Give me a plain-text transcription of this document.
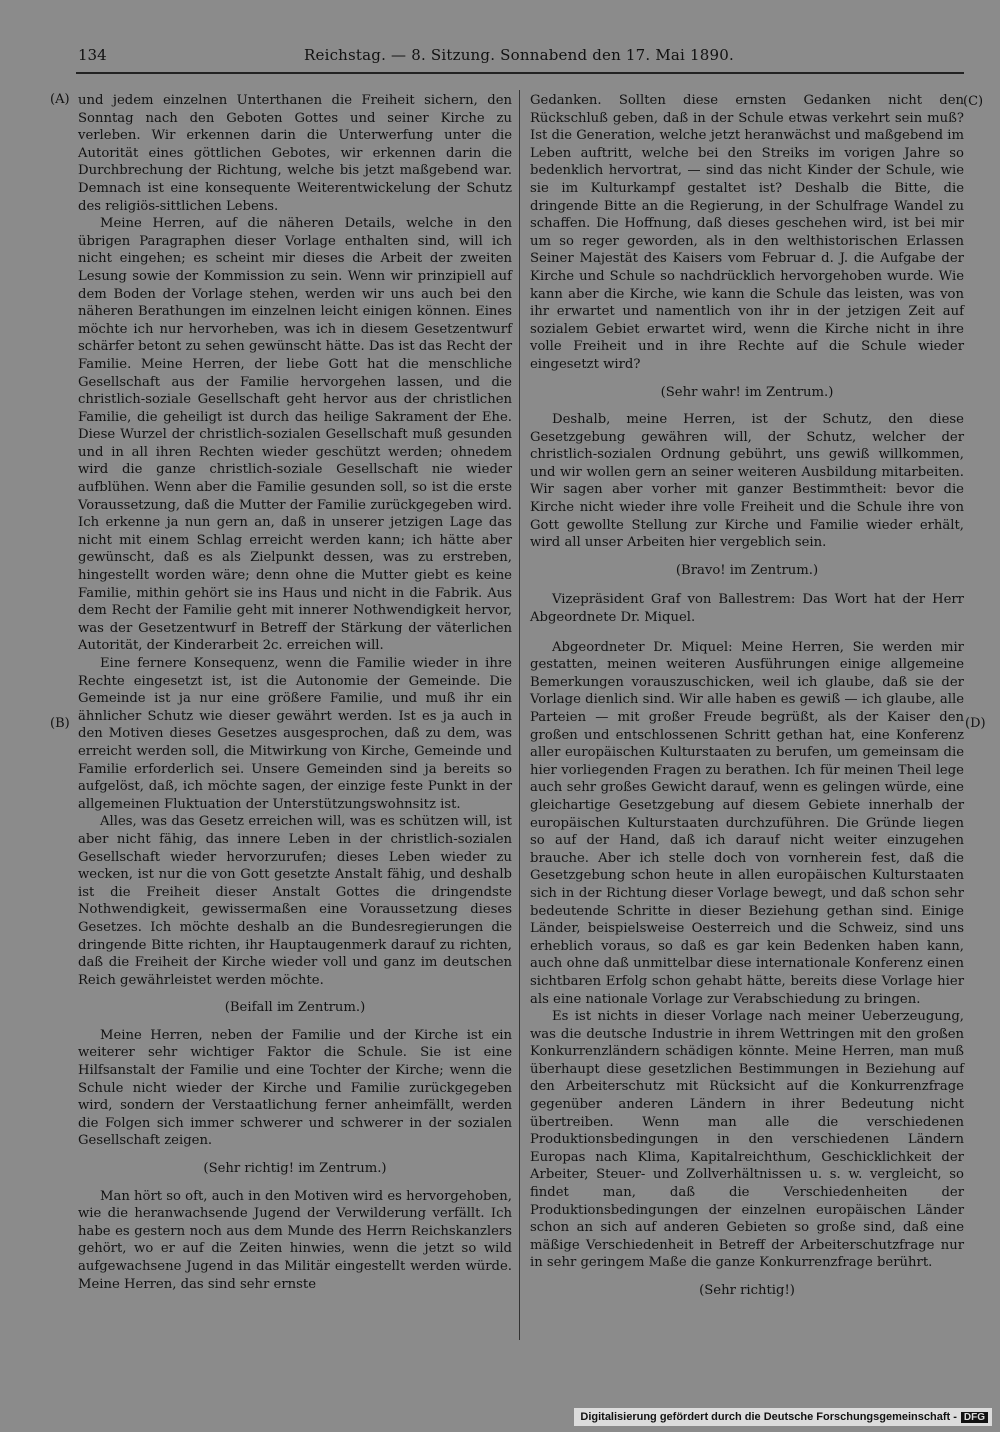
134	Reichstag. — 8. Sitzung. Sonnabend den 17. Mai 1890.
(A)
(B)
(C)
(D)

und jedem einzelnen Unterthanen die Freiheit sichern, den Sonntag nach den Geboten Gottes und seiner Kirche zu verleben. Wir erkennen darin die Unterwerfung unter die Autorität eines göttlichen Gebotes, wir erkennen darin die Durchbrechung der Richtung, welche bis jetzt maßgebend war. Demnach ist eine konsequente Weiterentwickelung der Schutz des religiös-sittlichen Lebens.

Meine Herren, auf die näheren Details, welche in den übrigen Paragraphen dieser Vorlage enthalten sind, will ich nicht eingehen; es scheint mir dieses die Arbeit der zweiten Lesung sowie der Kommission zu sein. Wenn wir prinzipiell auf dem Boden der Vorlage stehen, werden wir uns auch bei den näheren Berathungen im einzelnen leicht einigen können. Eines möchte ich nur hervorheben, was ich in diesem Gesetzentwurf schärfer betont zu sehen gewünscht hätte. Das ist das Recht der Familie. Meine Herren, der liebe Gott hat die menschliche Gesellschaft aus der Familie hervorgehen lassen, und die christlich-soziale Gesellschaft geht hervor aus der christlichen Familie, die geheiligt ist durch das heilige Sakrament der Ehe. Diese Wurzel der christlich-sozialen Gesellschaft muß gesunden und in all ihren Rechten wieder geschützt werden; ohnedem wird die ganze christlich-soziale Gesellschaft nie wieder aufblühen. Wenn aber die Familie gesunden soll, so ist die erste Voraussetzung, daß die Mutter der Familie zurückgegeben wird. Ich erkenne ja nun gern an, daß in unserer jetzigen Lage das nicht mit einem Schlag erreicht werden kann; ich hätte aber gewünscht, daß es als Zielpunkt dessen, was zu erstreben, hingestellt worden wäre; denn ohne die Mutter giebt es keine Familie, mithin gehört sie ins Haus und nicht in die Fabrik. Aus dem Recht der Familie geht mit innerer Nothwendigkeit hervor, was der Gesetzentwurf in Betreff der Stärkung der väterlichen Autorität, der Kinderarbeit 2c. erreichen will.

Eine fernere Konsequenz, wenn die Familie wieder in ihre Rechte eingesetzt ist, ist die Autonomie der Gemeinde. Die Gemeinde ist ja nur eine größere Familie, und muß ihr ein ähnlicher Schutz wie dieser gewährt werden. Ist es ja auch in den Motiven dieses Gesetzes ausgesprochen, daß zu dem, was erreicht werden soll, die Mitwirkung von Kirche, Gemeinde und Familie erforderlich sei. Unsere Gemeinden sind ja bereits so aufgelöst, daß, ich möchte sagen, der einzige feste Punkt in der allgemeinen Fluktuation der Unterstützungswohnsitz ist.

Alles, was das Gesetz erreichen will, was es schützen will, ist aber nicht fähig, das innere Leben in der christlich-sozialen Gesellschaft wieder hervorzurufen; dieses Leben wieder zu wecken, ist nur die von Gott gesetzte Anstalt fähig, und deshalb ist die Freiheit dieser Anstalt Gottes die dringendste Nothwendigkeit, gewissermaßen eine Voraussetzung dieses Gesetzes. Ich möchte deshalb an die Bundesregierungen die dringende Bitte richten, ihr Hauptaugenmerk darauf zu richten, daß die Freiheit der Kirche wieder voll und ganz im deutschen Reich gewährleistet werden möchte.

(Beifall im Zentrum.)

Meine Herren, neben der Familie und der Kirche ist ein weiterer sehr wichtiger Faktor die Schule. Sie ist eine Hilfsanstalt der Familie und eine Tochter der Kirche; wenn die Schule nicht wieder der Kirche und Familie zurückgegeben wird, sondern der Verstaatlichung ferner anheimfällt, werden die Folgen sich immer schwerer und schwerer in der sozialen Gesellschaft zeigen.

(Sehr richtig! im Zentrum.)

Man hört so oft, auch in den Motiven wird es hervorgehoben, wie die heranwachsende Jugend der Verwilderung verfällt. Ich habe es gestern noch aus dem Munde des Herrn Reichskanzlers gehört, wo er auf die Zeiten hinwies, wenn die jetzt so wild aufgewachsene Jugend in das Militär eingestellt werden würde. Meine Herren, das sind sehr ernste

Gedanken. Sollten diese ernsten Gedanken nicht den Rückschluß geben, daß in der Schule etwas verkehrt sein muß? Ist die Generation, welche jetzt heranwächst und maßgebend im Leben auftritt, welche bei den Streiks im vorigen Jahre so bedenklich hervortrat, — sind das nicht Kinder der Schule, wie sie im Kulturkampf gestaltet ist? Deshalb die Bitte, die dringende Bitte an die Regierung, in der Schulfrage Wandel zu schaffen. Die Hoffnung, daß dieses geschehen wird, ist bei mir um so reger geworden, als in den welthistorischen Erlassen Seiner Majestät des Kaisers vom Februar d. J. die Aufgabe der Kirche und Schule so nachdrücklich hervorgehoben wurde. Wie kann aber die Kirche, wie kann die Schule das leisten, was von ihr erwartet und namentlich von ihr in der jetzigen Zeit auf sozialem Gebiet erwartet wird, wenn die Kirche nicht in ihre volle Freiheit und in ihre Rechte auf die Schule wieder eingesetzt wird?

(Sehr wahr! im Zentrum.)

Deshalb, meine Herren, ist der Schutz, den diese Gesetzgebung gewähren will, der Schutz, welcher der christlich-sozialen Ordnung gebührt, uns gewiß willkommen, und wir wollen gern an seiner weiteren Ausbildung mitarbeiten. Wir sagen aber vorher mit ganzer Bestimmtheit: bevor die Kirche nicht wieder ihre volle Freiheit und die Schule ihre von Gott gewollte Stellung zur Kirche und Familie wieder erhält, wird all unser Arbeiten hier vergeblich sein.

(Bravo! im Zentrum.)

Vizepräsident Graf von Ballestrem: Das Wort hat der Herr Abgeordnete Dr. Miquel.

Abgeordneter Dr. Miquel: Meine Herren, Sie werden mir gestatten, meinen weiteren Ausführungen einige allgemeine Bemerkungen vorauszuschicken, weil ich glaube, daß sie der Vorlage dienlich sind. Wir alle haben es gewiß — ich glaube, alle Parteien — mit großer Freude begrüßt, als der Kaiser den großen und entschlossenen Schritt gethan hat, eine Konferenz aller europäischen Kulturstaaten zu berufen, um gemeinsam die hier vorliegenden Fragen zu berathen. Ich für meinen Theil lege auch sehr großes Gewicht darauf, wenn es gelingen würde, eine gleichartige Gesetzgebung auf diesem Gebiete innerhalb der europäischen Kulturstaaten durchzuführen. Die Gründe liegen so auf der Hand, daß ich darauf nicht weiter einzugehen brauche. Aber ich stelle doch von vornherein fest, daß die Gesetzgebung schon heute in allen europäischen Kulturstaaten sich in der Richtung dieser Vorlage bewegt, und daß schon sehr bedeutende Schritte in dieser Beziehung gethan sind. Einige Länder, beispielsweise Oesterreich und die Schweiz, sind uns erheblich voraus, so daß es gar kein Bedenken haben kann, auch ohne daß unmittelbar diese internationale Konferenz einen sichtbaren Erfolg schon gehabt hätte, bereits diese Vorlage hier als eine nationale Vorlage zur Verabschiedung zu bringen.

Es ist nichts in dieser Vorlage nach meiner Ueberzeugung, was die deutsche Industrie in ihrem Wettringen mit den großen Konkurrenzländern schädigen könnte. Meine Herren, man muß überhaupt diese gesetzlichen Bestimmungen in Beziehung auf den Arbeiterschutz mit Rücksicht auf die Konkurrenzfrage gegenüber anderen Ländern in ihrer Bedeutung nicht übertreiben. Wenn man alle die verschiedenen Produktionsbedingungen in den verschiedenen Ländern Europas nach Klima, Kapitalreichthum, Geschicklichkeit der Arbeiter, Steuer- und Zollverhältnissen u. s. w. vergleicht, so findet man, daß die Verschiedenheiten der Produktionsbedingungen der einzelnen europäischen Länder schon an sich auf anderen Gebieten so große sind, daß eine mäßige Verschiedenheit in Betreff der Arbeiterschutzfrage nur in sehr geringem Maße die ganze Konkurrenzfrage berührt.

(Sehr richtig!)

Digitalisierung gefördert durch die Deutsche Forschungsgemeinschaft - DFG
